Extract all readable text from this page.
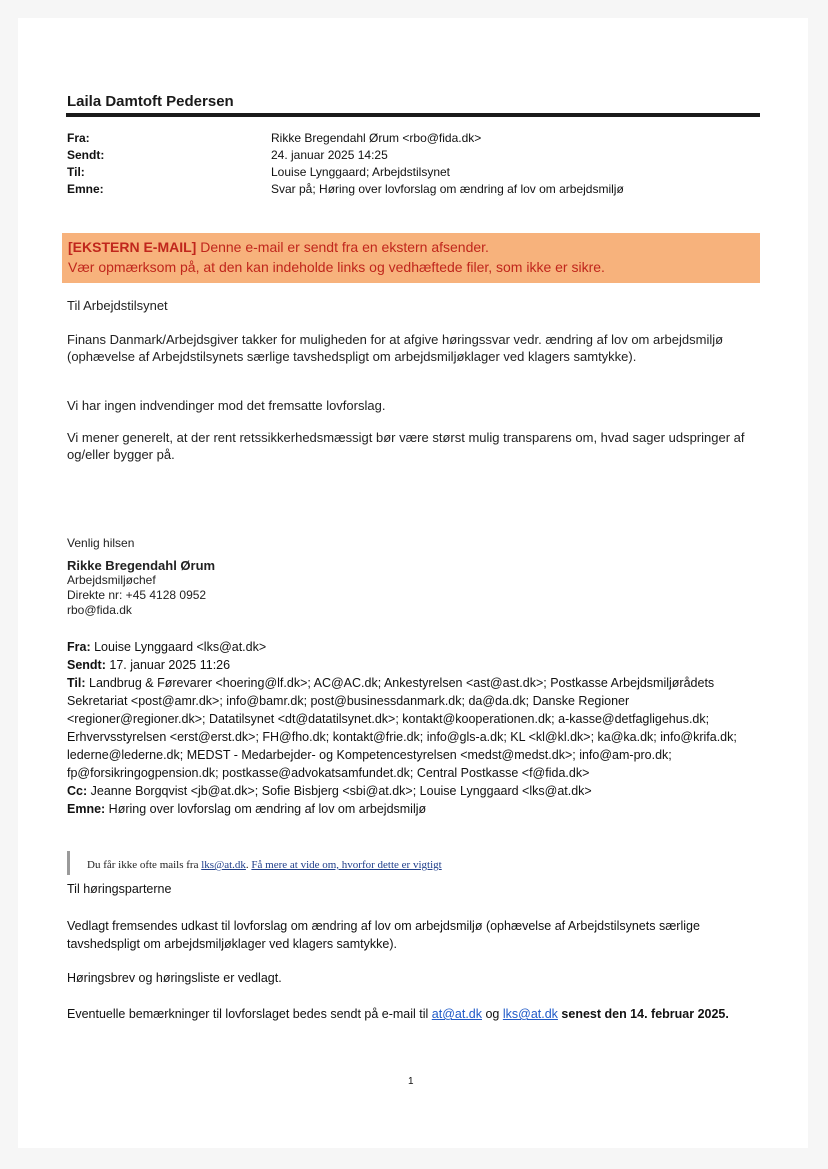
Laila Damtoft Pedersen
Fra:	Rikke Bregendahl Ørum <rbo@fida.dk>
Sendt:	24. januar 2025 14:25
Til:	Louise Lynggaard; Arbejdstilsynet
Emne:	Svar på; Høring over lovforslag om ændring af lov om arbejdsmiljø
[EKSTERN E-MAIL] Denne e-mail er sendt fra en ekstern afsender.
Vær opmærksom på, at den kan indeholde links og vedhæftede filer, som ikke er sikre.
Til Arbejdstilsynet
Finans Danmark/Arbejdsgiver takker for muligheden for at afgive høringssvar vedr. ændring af lov om arbejdsmiljø (ophævelse af Arbejdstilsynets særlige tavshedspligt om arbejdsmiljøklager ved klagers samtykke).
Vi har ingen indvendinger mod det fremsatte lovforslag.
Vi mener generelt, at der rent retssikkerhedsmæssigt bør være størst mulig transparens om, hvad sager udspringer af og/eller bygger på.
Venlig hilsen
Rikke Bregendahl Ørum
Arbejdsmiljøchef
Direkte nr: +45 4128 0952
rbo@fida.dk
Fra: Louise Lynggaard <lks@at.dk>
Sendt: 17. januar 2025 11:26
Til: Landbrug & Førevarer <hoering@lf.dk>; AC@AC.dk; Ankestyrelsen <ast@ast.dk>; Postkasse Arbejdsmiljørådets Sekretariat <post@amr.dk>; info@bamr.dk; post@businessdanmark.dk; da@da.dk; Danske Regioner <regioner@regioner.dk>; Datatilsynet <dt@datatilsynet.dk>; kontakt@kooperationen.dk; a-kasse@detfagligehus.dk; Erhvervsstyrelsen <erst@erst.dk>; FH@fho.dk; kontakt@frie.dk; info@gls-a.dk; KL <kl@kl.dk>; ka@ka.dk; info@krifa.dk; lederne@lederne.dk; MEDST - Medarbejder- og Kompetencestyrelsen <medst@medst.dk>; info@am-pro.dk; fp@forsikringogpension.dk; postkasse@advokatsamfundet.dk; Central Postkasse <f@fida.dk>
Cc: Jeanne Borgqvist <jb@at.dk>; Sofie Bisbjerg <sbi@at.dk>; Louise Lynggaard <lks@at.dk>
Emne: Høring over lovforslag om ændring af lov om arbejdsmiljø
Du får ikke ofte mails fra lks@at.dk. Få mere at vide om, hvorfor dette er vigtigt
Til høringsparterne
Vedlagt fremsendes udkast til lovforslag om ændring af lov om arbejdsmiljø (ophævelse af Arbejdstilsynets særlige tavshedspligt om arbejdsmiljøklager ved klagers samtykke).
Høringsbrev og høringsliste er vedlagt.
Eventuelle bemærkninger til lovforslaget bedes sendt på e-mail til at@at.dk og lks@at.dk senest den 14. februar 2025.
1
